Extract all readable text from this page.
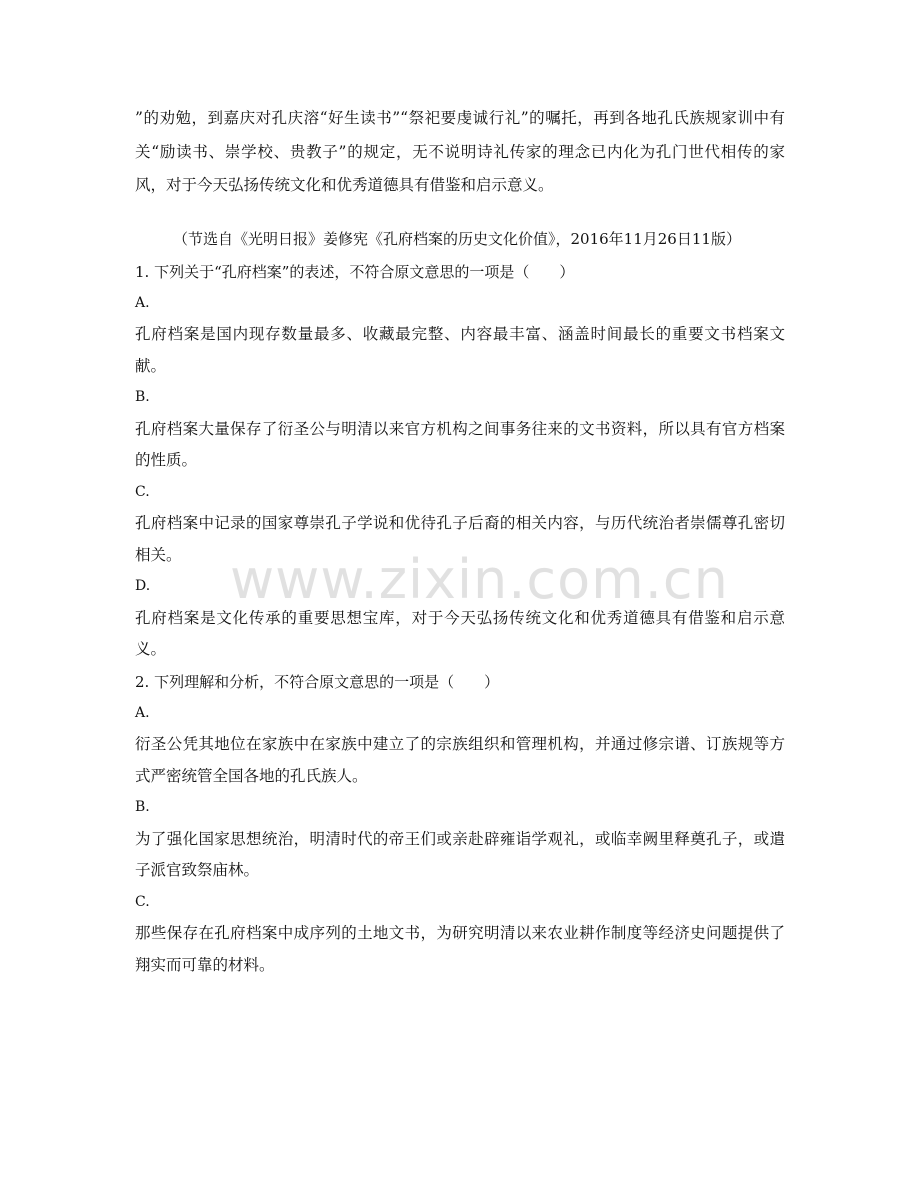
”的劝勉，到嘉庆对孔庆溶“好生读书”“祭祀要虔诚行礼”的嘱托，再到各地孔氏族规家训中有关“励读书、崇学校、贵教子”的规定，无不说明诗礼传家的理念已内化为孔门世代相传的家风，对于今天弘扬传统文化和优秀道德具有借鉴和启示意义。

（节选自《光明日报》姜修宪《孔府档案的历史文化价值》，2016年11月26日11版）

1. 下列关于“孔府档案”的表述，不符合原文意思的一项是（　　）

A.

孔府档案是国内现存数量最多、收藏最完整、内容最丰富、涵盖时间最长的重要文书档案文献。

B.

孔府档案大量保存了衍圣公与明清以来官方机构之间事务往来的文书资料，所以具有官方档案的性质。

C.

孔府档案中记录的国家尊崇孔子学说和优待孔子后裔的相关内容，与历代统治者崇儒尊孔密切相关。

D.

孔府档案是文化传承的重要思想宝库，对于今天弘扬传统文化和优秀道德具有借鉴和启示意义。

2. 下列理解和分析，不符合原文意思的一项是（　　）

A.

衍圣公凭其地位在家族中在家族中建立了的宗族组织和管理机构，并通过修宗谱、订族规等方式严密统管全国各地的孔氏族人。

B.

为了强化国家思想统治，明清时代的帝王们或亲赴辟雍诣学观礼，或临幸阙里释奠孔子，或遣子派官致祭庙林。

C.

那些保存在孔府档案中成序列的土地文书，为研究明清以来农业耕作制度等经济史问题提供了翔实而可靠的材料。

www.zixin.com.cn
